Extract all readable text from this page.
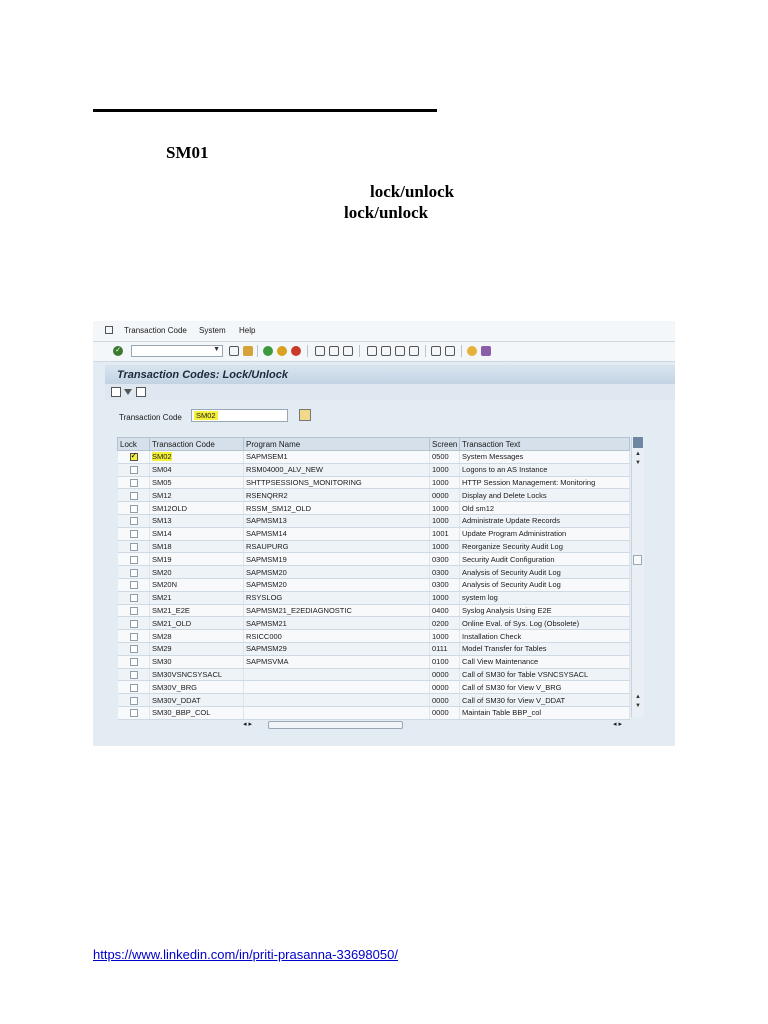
SM01
lock/unlock
lock/unlock
Transaction Code System Help
✓	▼
Transaction Codes: Lock/Unlock
Transaction Code SM02
Lock	Transaction Code	Program Name	Screen	Transaction Text

✓	SM02	SAPMSEM1	0500	System Messages
	SM04	RSM04000_ALV_NEW	1000	Logons to an AS Instance
	SM05	SHTTPSESSIONS_MONITORING	1000	HTTP Session Management: Monitoring
	SM12	RSENQRR2	0000	Display and Delete Locks
	SM12OLD	RSSM_SM12_OLD	1000	Old sm12
	SM13	SAPMSM13	1000	Administrate Update Records
	SM14	SAPMSM14	1001	Update Program Administration
	SM18	RSAUPURG	1000	Reorganize Security Audit Log
	SM19	SAPMSM19	0300	Security Audit Configuration
	SM20	SAPMSM20	0300	Analysis of Security Audit Log
	SM20N	SAPMSM20	0300	Analysis of Security Audit Log
	SM21	RSYSLOG	1000	system log
	SM21_E2E	SAPMSM21_E2EDIAGNOSTIC	0400	Syslog Analysis Using E2E
	SM21_OLD	SAPMSM21	0200	Online Eval. of Sys. Log (Obsolete)
	SM28	RSICC000	1000	Installation Check
	SM29	SAPMSM29	0111	Model Transfer for Tables
	SM30	SAPMSVMA	0100	Call View Maintenance
	SM30VSNCSYSACL		0000	Call of SM30 for Table VSNCSYSACL
	SM30V_BRG		0000	Call of SM30 for View V_BRG
	SM30V_DDAT		0000	Call of SM30 for View V_DDAT
	SM30_BBP_COL		0000	Maintain Table BBP_col
▲
▼
▲
▼
◂ ▸	◂ ▸
https://www.linkedin.com/in/priti-prasanna-33698050/
